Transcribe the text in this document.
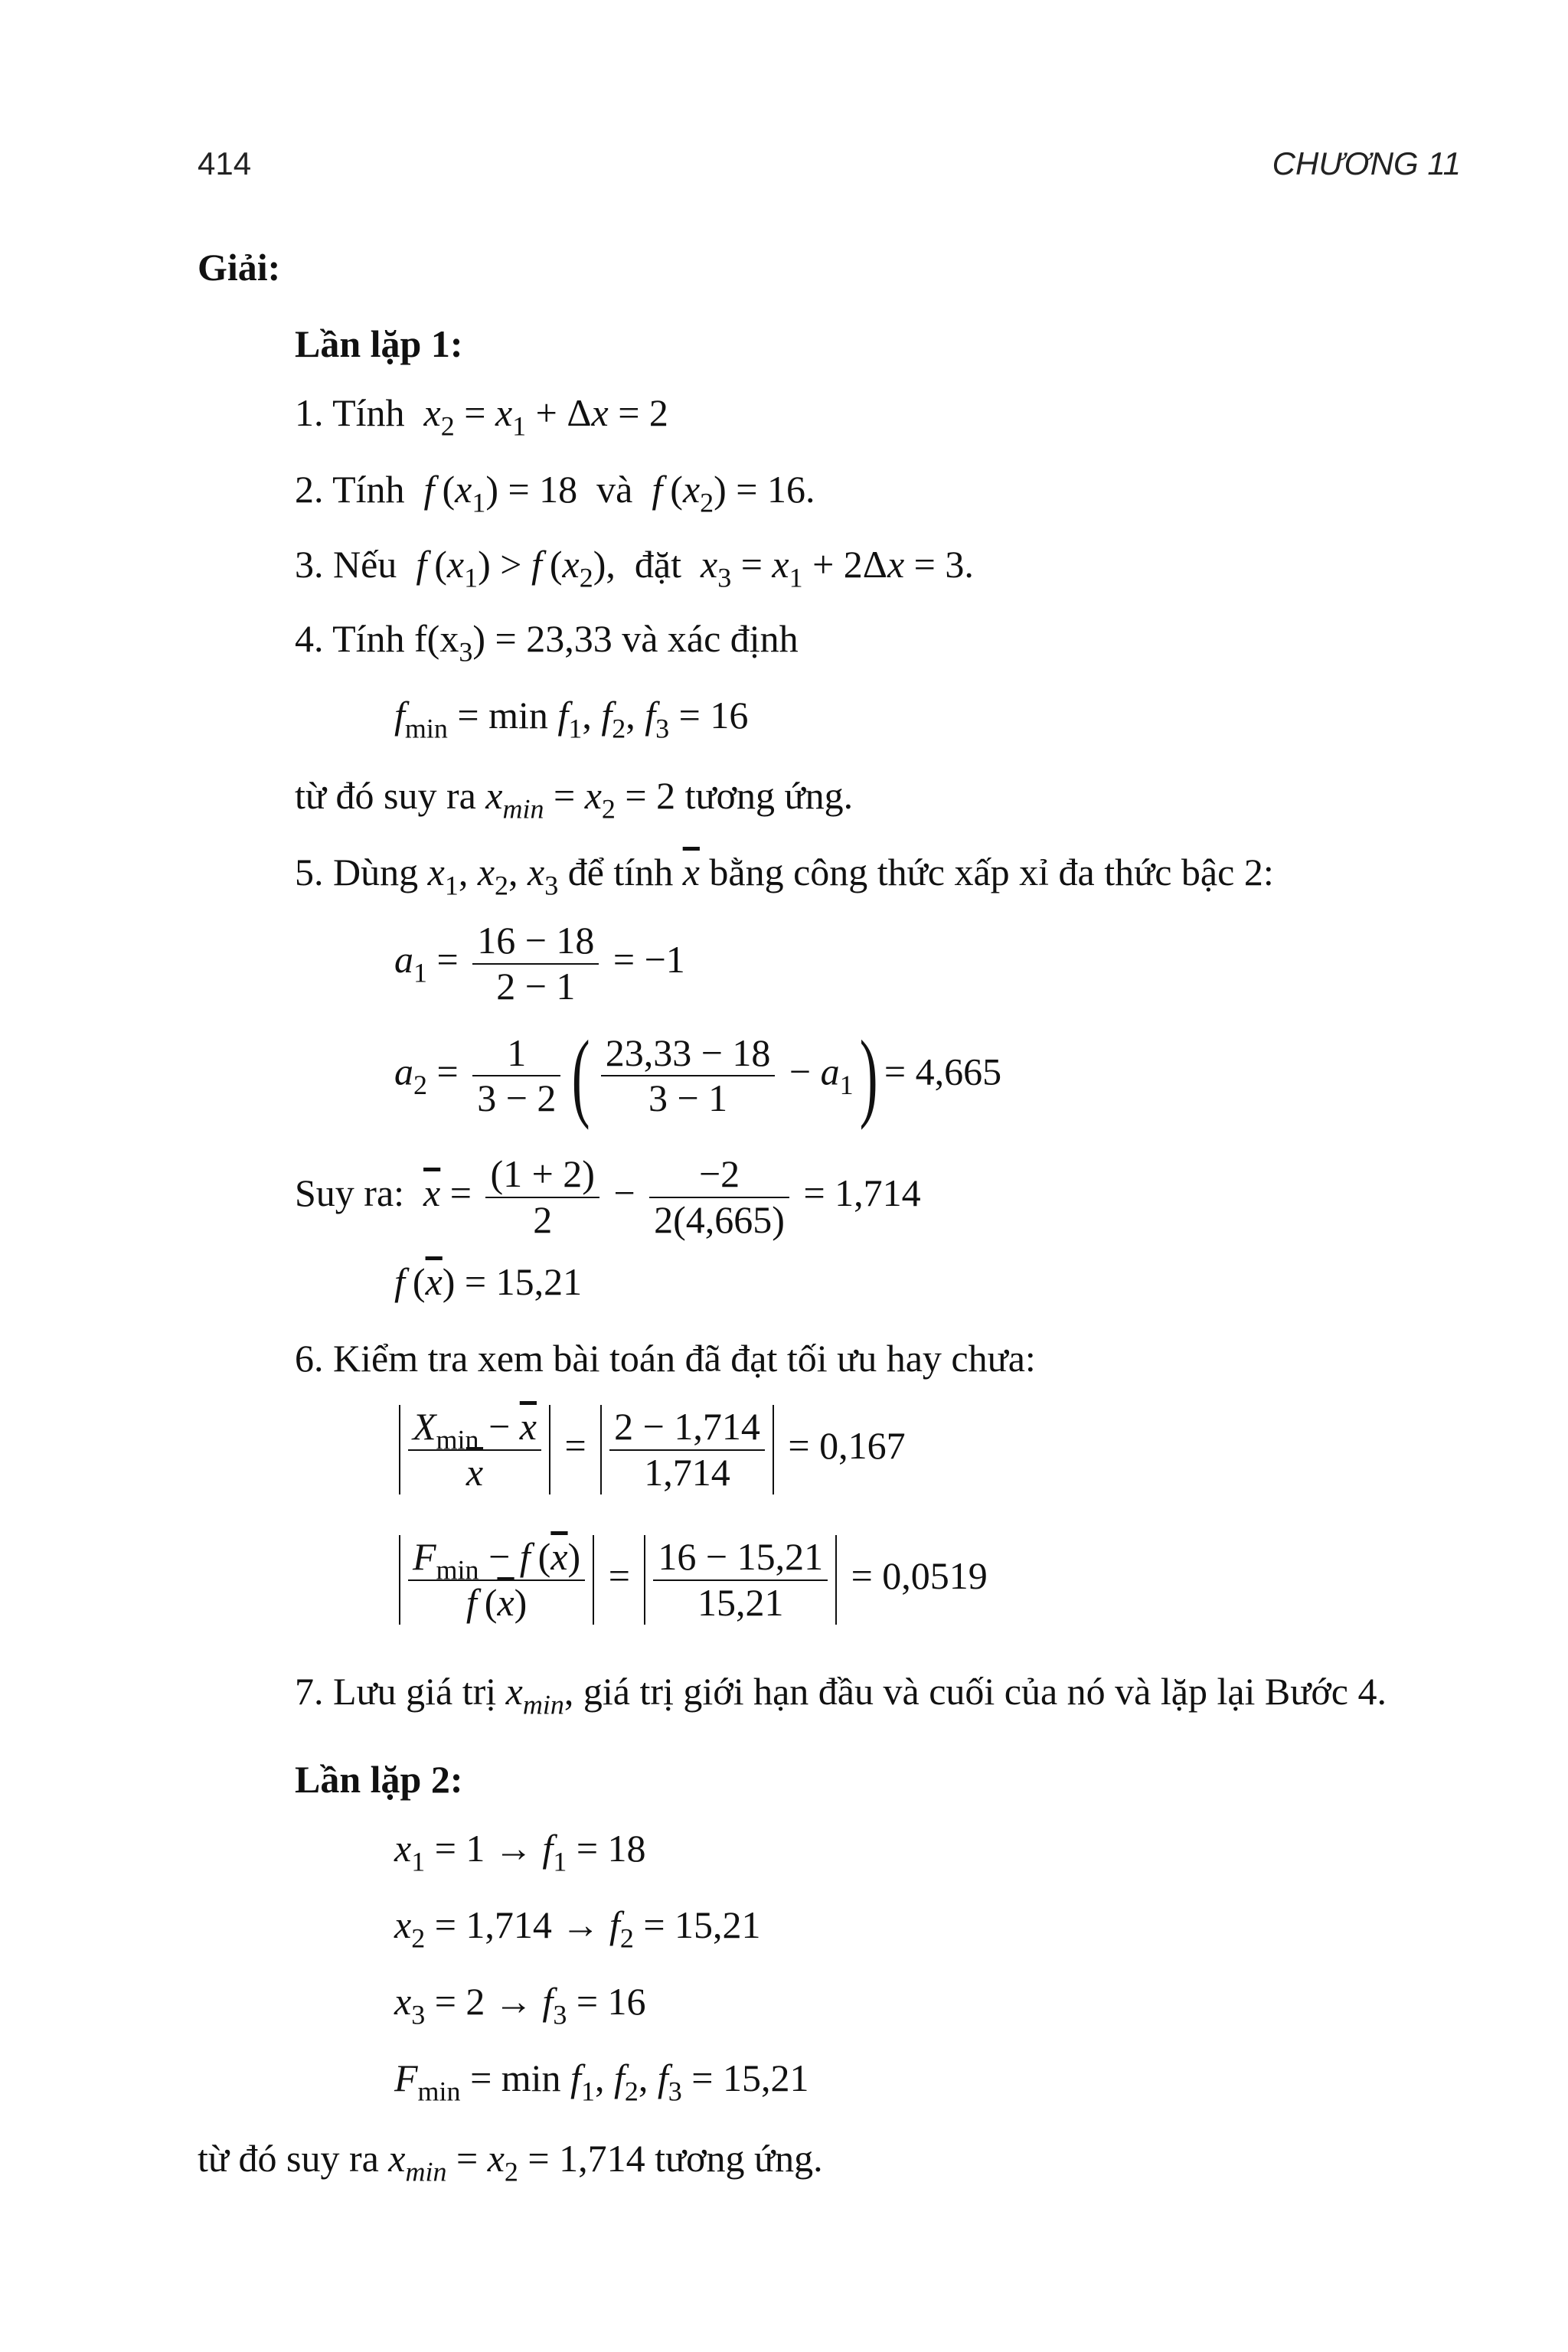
414	CHƯƠNG 11
Giải:
Lần lặp 1:
1. Tính $x_2 = x_1 + \Delta x = 2$
2. Tính f $(x_1) = 18$  và f $(x_2) = 16$.
3. Nếu f $(x_1) > f$ $(x_2)$,  đặt $x_3 = x_1 + 2\Delta x = 3$.
4. Tính $f(x_3) = 23,33$ và xác định
$f_{min} = \min f_1$, $f_2$, $f_3 = 16$
từ đó suy ra $x_{min} = x_2 = 2$ tương ứng.
5. Dùng $x_1$, $x_2$, $x_3$ để tính $\overline{x}$ bằng công thức xấp xỉ đa thức bậc 2:
$a_1 = \frac{16 - 18}{2 - 1} = -1$
$a_2 = \frac{1}{3 - 2}$ ( $\frac{23,33 - 18}{3 - 1} - a_1$ ) = 4,665
Suy ra: $\overline{x} = \frac{(1 + 2)}{2} - \frac{-2}{2(4,665)} = 1,714$
f $(\overline{x}) = 15,21$
6. Kiểm tra xem bài toán đã đạt tối ưu hay chưa:
$\frac{X_{min} - \overline{x}}{x} = \frac{2 - 1,714}{1,714} = 0,167$
$\frac{F_{min} - f (\overline{x})}{f (\overline{x})} = \frac{16 - 15,21}{15,21} = 0,0519$
7. Lưu giá trị $x_{min}$, giá trị giới hạn đầu và cuối của nó và lặp lại Bước 4.
Lần lặp 2:
$x_1 = 1 \to f_1 = 18$
$x_2 = 1,714 \to f_2 = 15,21$
$x_3 = 2 \to f_3 = 16$
$F_{min} = \min f_1$, $f_2$, $f_3 = 15,21$
từ đó suy ra $x_{min} = x_2 = 1,714$ tương ứng.
